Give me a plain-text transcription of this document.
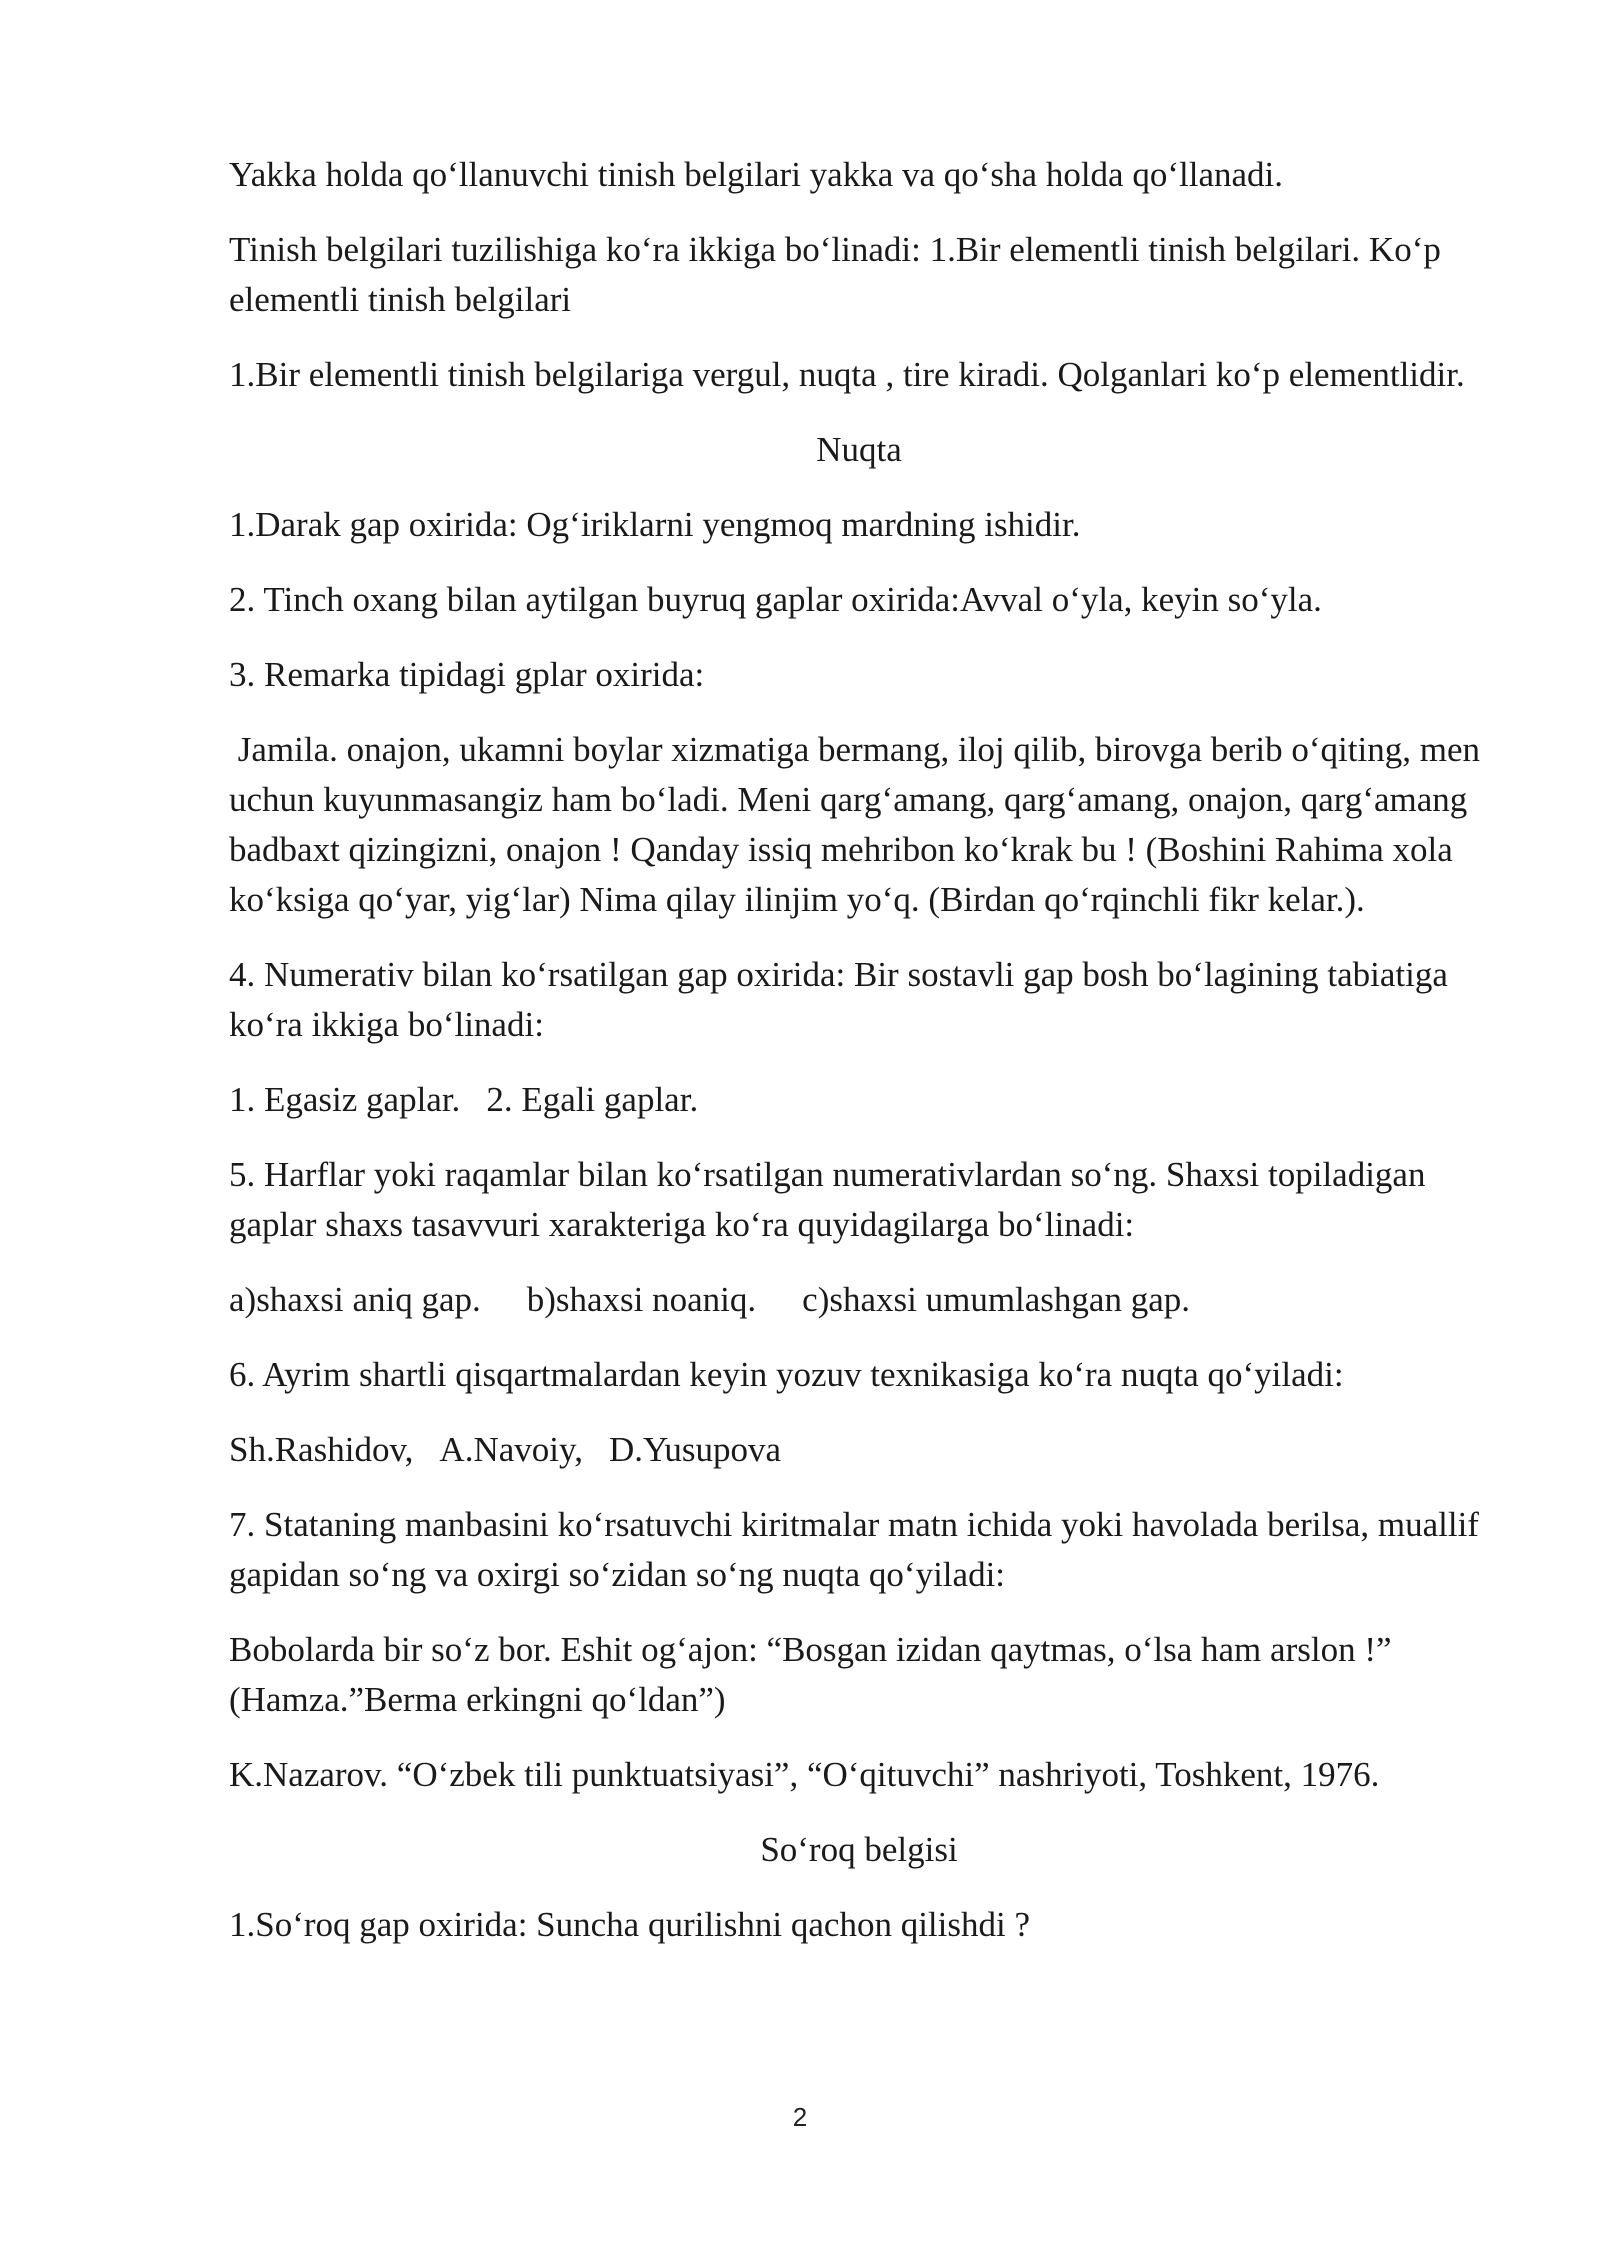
Yakka holda qo‘llanuvchi tinish belgilari yakka va qo‘sha holda qo‘llanadi.

Tinish belgilari tuzilishiga ko‘ra ikkiga bo‘linadi: 1.Bir elementli tinish belgilari. Ko‘p elementli tinish belgilari

1.Bir elementli tinish belgilariga vergul, nuqta , tire kiradi. Qolganlari ko‘p elementlidir.

Nuqta

1.Darak gap oxirida: Og‘iriklarni yengmoq mardning ishidir.

2. Tinch oxang bilan aytilgan buyruq gaplar oxirida:Avval o‘yla, keyin so‘yla.

3. Remarka tipidagi gplar oxirida:

Jamila. onajon, ukamni boylar xizmatiga bermang, iloj qilib, birovga berib o‘qiting, men uchun kuyunmasangiz ham bo‘ladi. Meni qarg‘amang, qarg‘amang, onajon, qarg‘amang badbaxt qizingizni, onajon ! Qanday issiq mehribon ko‘krak bu ! (Boshini Rahima xola ko‘ksiga qo‘yar, yig‘lar) Nima qilay ilinjim yo‘q. (Birdan qo‘rqinchli fikr kelar.).

4. Numerativ bilan ko‘rsatilgan gap oxirida: Bir sostavli gap bosh bo‘lagining tabiatiga ko‘ra ikkiga bo‘linadi:

1. Egasiz gaplar. 2. Egali gaplar.

5. Harflar yoki raqamlar bilan ko‘rsatilgan numerativlardan so‘ng. Shaxsi topiladigan gaplar shaxs tasavvuri xarakteriga ko‘ra quyidagilarga bo‘linadi:

a)shaxsi aniq gap. b)shaxsi noaniq. c)shaxsi umumlashgan gap.

6. Ayrim shartli qisqartmalardan keyin yozuv texnikasiga ko‘ra nuqta qo‘yiladi:

Sh.Rashidov, A.Navoiy, D.Yusupova

7. Stataning manbasini ko‘rsatuvchi kiritmalar matn ichida yoki havolada berilsa, muallif gapidan so‘ng va oxirgi so‘zidan so‘ng nuqta qo‘yiladi:

Bobolarda bir so‘z bor. Eshit og‘ajon: “Bosgan izidan qaytmas, o‘lsa ham arslon !” (Hamza.”Berma erkingni qo‘ldan”)

K.Nazarov. “O‘zbek tili punktuatsiyasi”, “O‘qituvchi” nashriyoti, Toshkent, 1976.

So‘roq belgisi

1.So‘roq gap oxirida: Suncha qurilishni qachon qilishdi ?

2
